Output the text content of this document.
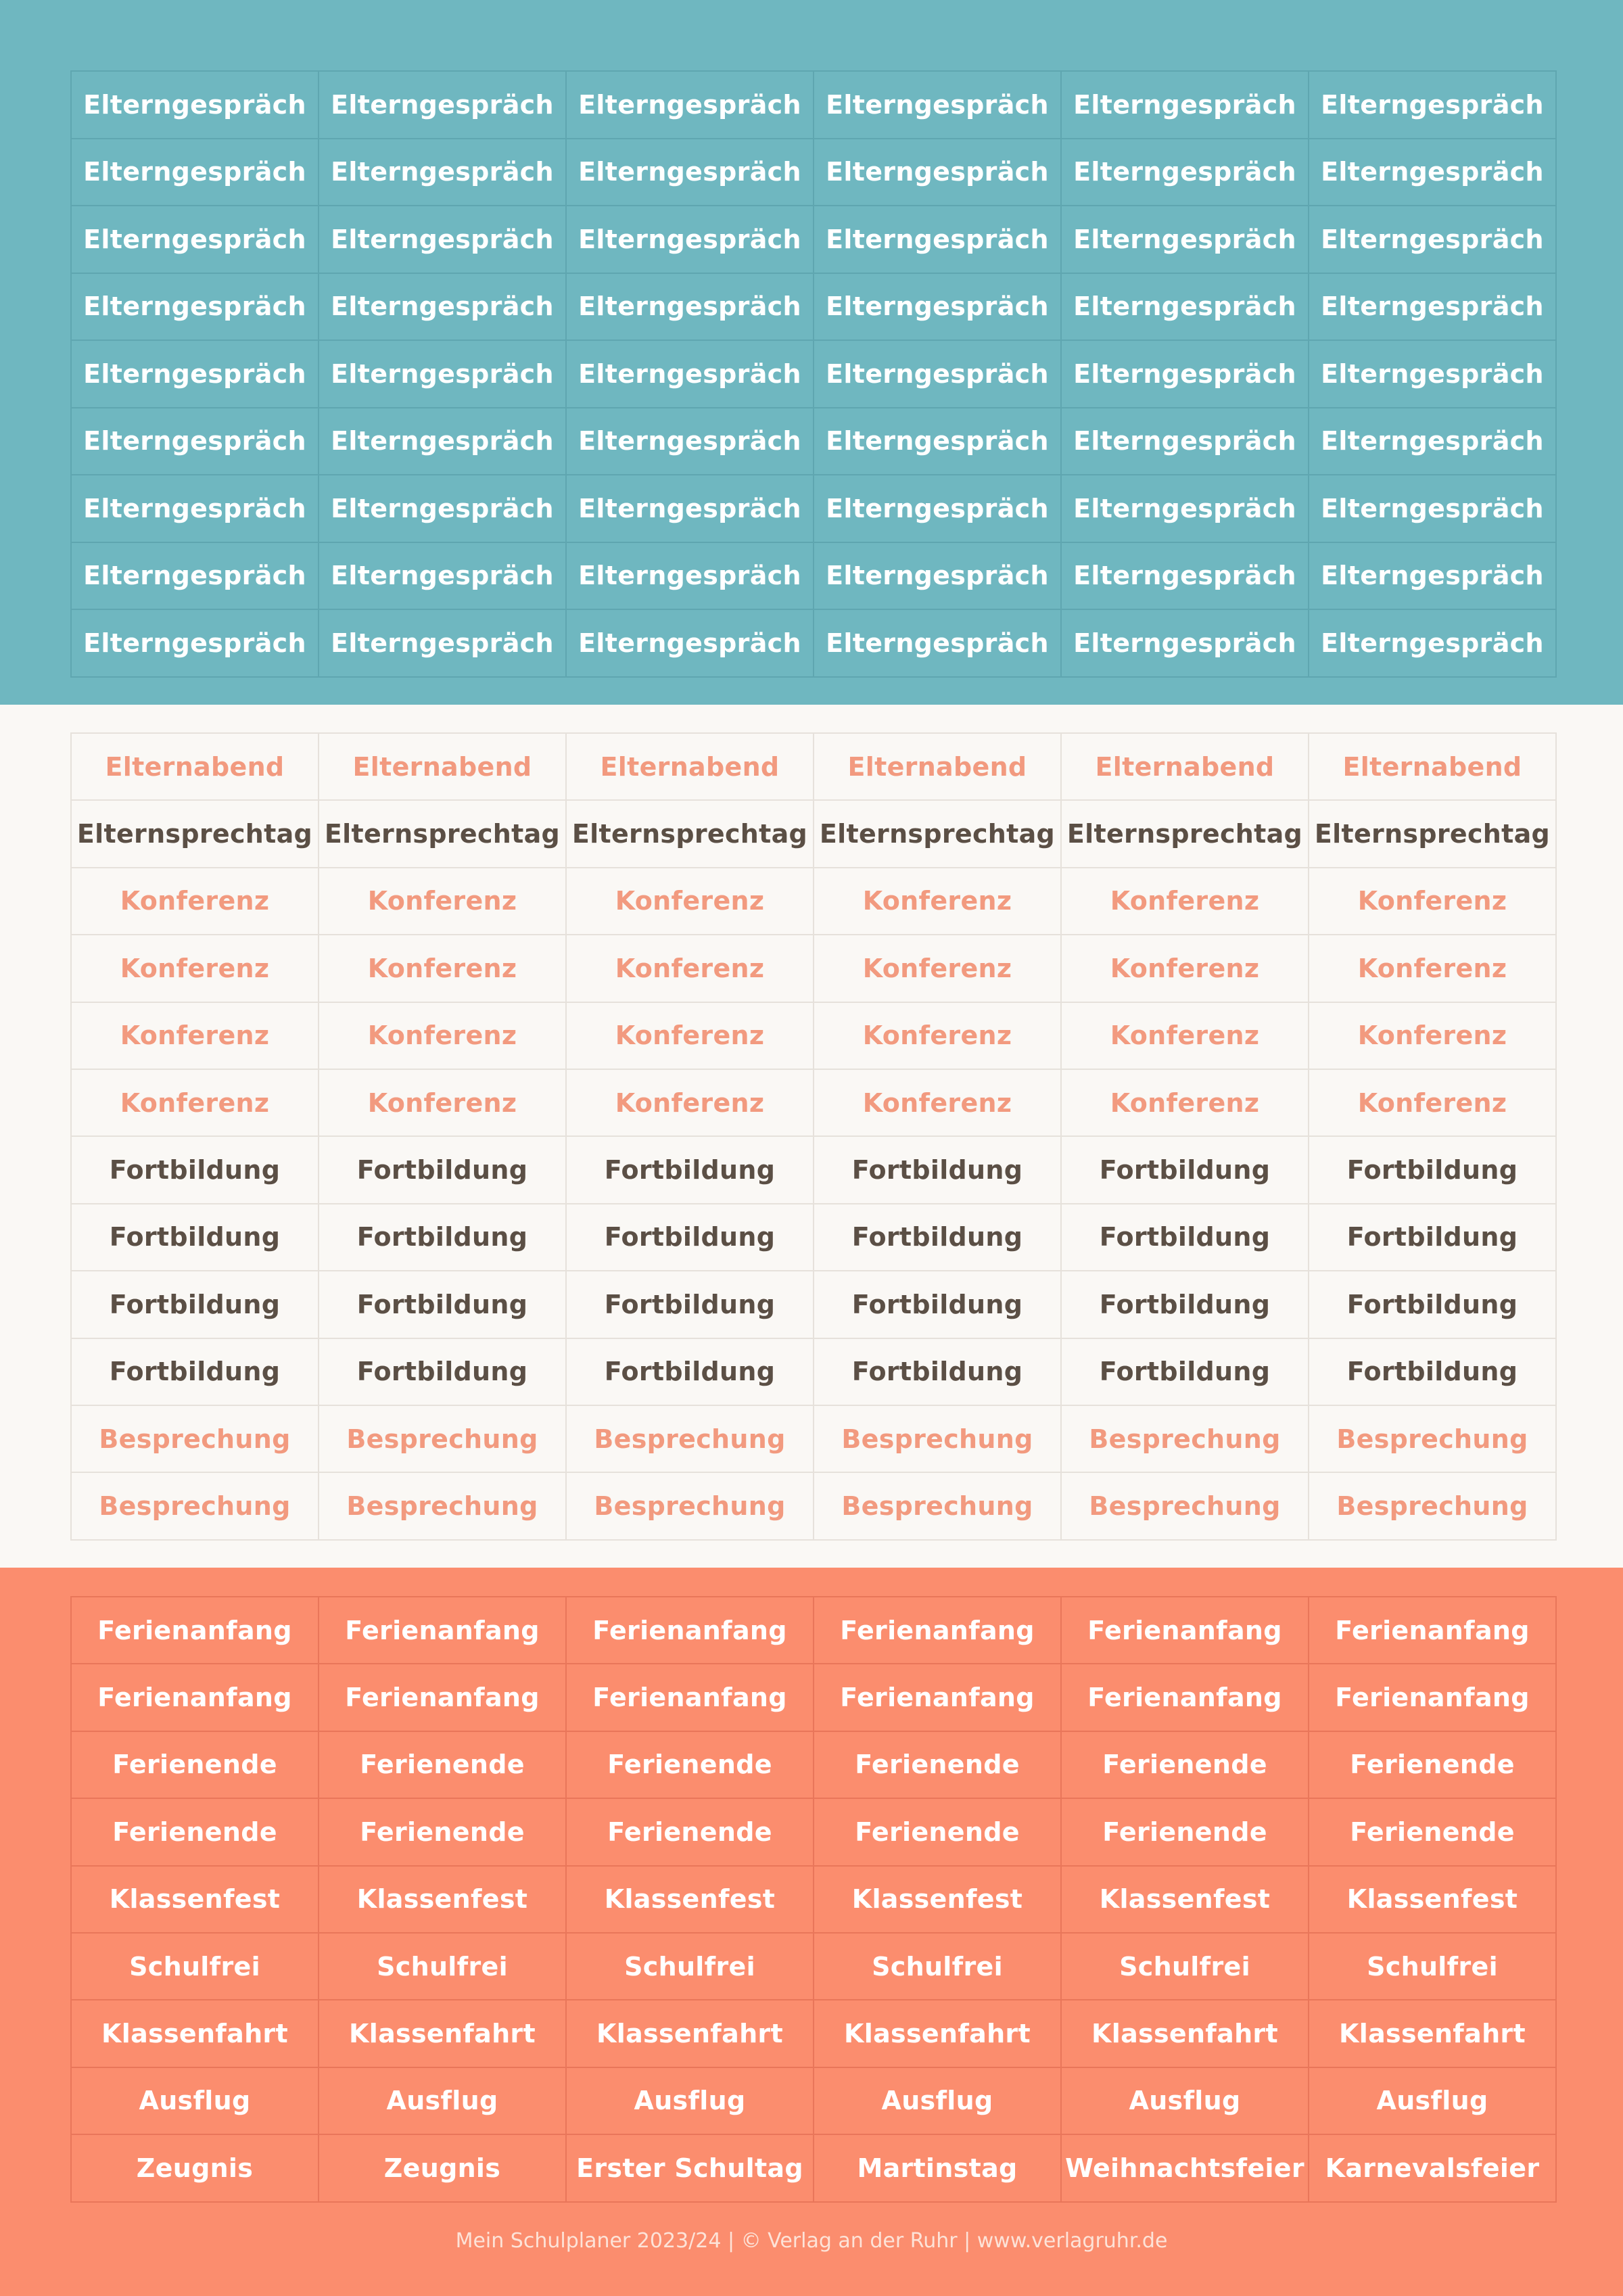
Elterngespräch Elterngespräch Elterngespräch Elterngespräch Elterngespräch Elterngespräch
Elterngespräch Elterngespräch Elterngespräch Elterngespräch Elterngespräch Elterngespräch
Elterngespräch Elterngespräch Elterngespräch Elterngespräch Elterngespräch Elterngespräch
Elterngespräch Elterngespräch Elterngespräch Elterngespräch Elterngespräch Elterngespräch
Elterngespräch Elterngespräch Elterngespräch Elterngespräch Elterngespräch Elterngespräch
Elterngespräch Elterngespräch Elterngespräch Elterngespräch Elterngespräch Elterngespräch
Elterngespräch Elterngespräch Elterngespräch Elterngespräch Elterngespräch Elterngespräch
Elterngespräch Elterngespräch Elterngespräch Elterngespräch Elterngespräch Elterngespräch
Elterngespräch Elterngespräch Elterngespräch Elterngespräch Elterngespräch Elterngespräch
Elternabend	Elternabend	Elternabend	Elternabend	Elternabend	Elternabend
Elternsprechtag Elternsprechtag Elternsprechtag Elternsprechtag Elternsprechtag Elternsprechtag
Konferenz	Konferenz	Konferenz	Konferenz	Konferenz	Konferenz
Konferenz	Konferenz	Konferenz	Konferenz	Konferenz	Konferenz
Konferenz	Konferenz	Konferenz	Konferenz	Konferenz	Konferenz
Konferenz	Konferenz	Konferenz	Konferenz	Konferenz	Konferenz
Fortbildung	Fortbildung	Fortbildung	Fortbildung	Fortbildung	Fortbildung
Fortbildung	Fortbildung	Fortbildung	Fortbildung	Fortbildung	Fortbildung
Fortbildung	Fortbildung	Fortbildung	Fortbildung	Fortbildung	Fortbildung
Fortbildung	Fortbildung	Fortbildung	Fortbildung	Fortbildung	Fortbildung
Besprechung	Besprechung	Besprechung	Besprechung	Besprechung	Besprechung
Besprechung	Besprechung	Besprechung	Besprechung	Besprechung	Besprechung
Ferienanfang	Ferienanfang	Ferienanfang	Ferienanfang	Ferienanfang	Ferienanfang
Ferienanfang	Ferienanfang	Ferienanfang	Ferienanfang	Ferienanfang	Ferienanfang
Ferienende	Ferienende	Ferienende	Ferienende	Ferienende	Ferienende
Ferienende	Ferienende	Ferienende	Ferienende	Ferienende	Ferienende
Klassenfest	Klassenfest	Klassenfest	Klassenfest	Klassenfest	Klassenfest
Schulfrei	Schulfrei	Schulfrei	Schulfrei	Schulfrei	Schulfrei
Klassenfahrt	Klassenfahrt	Klassenfahrt	Klassenfahrt	Klassenfahrt	Klassenfahrt
Ausflug	Ausflug	Ausflug	Ausflug	Ausflug	Ausflug
Zeugnis	Zeugnis	Erster Schultag	Martinstag	Weihnachtsfeier Karnevalsfeier
Mein Schulplaner 2023/24 | © Verlag an der Ruhr | www.verlagruhr.de
